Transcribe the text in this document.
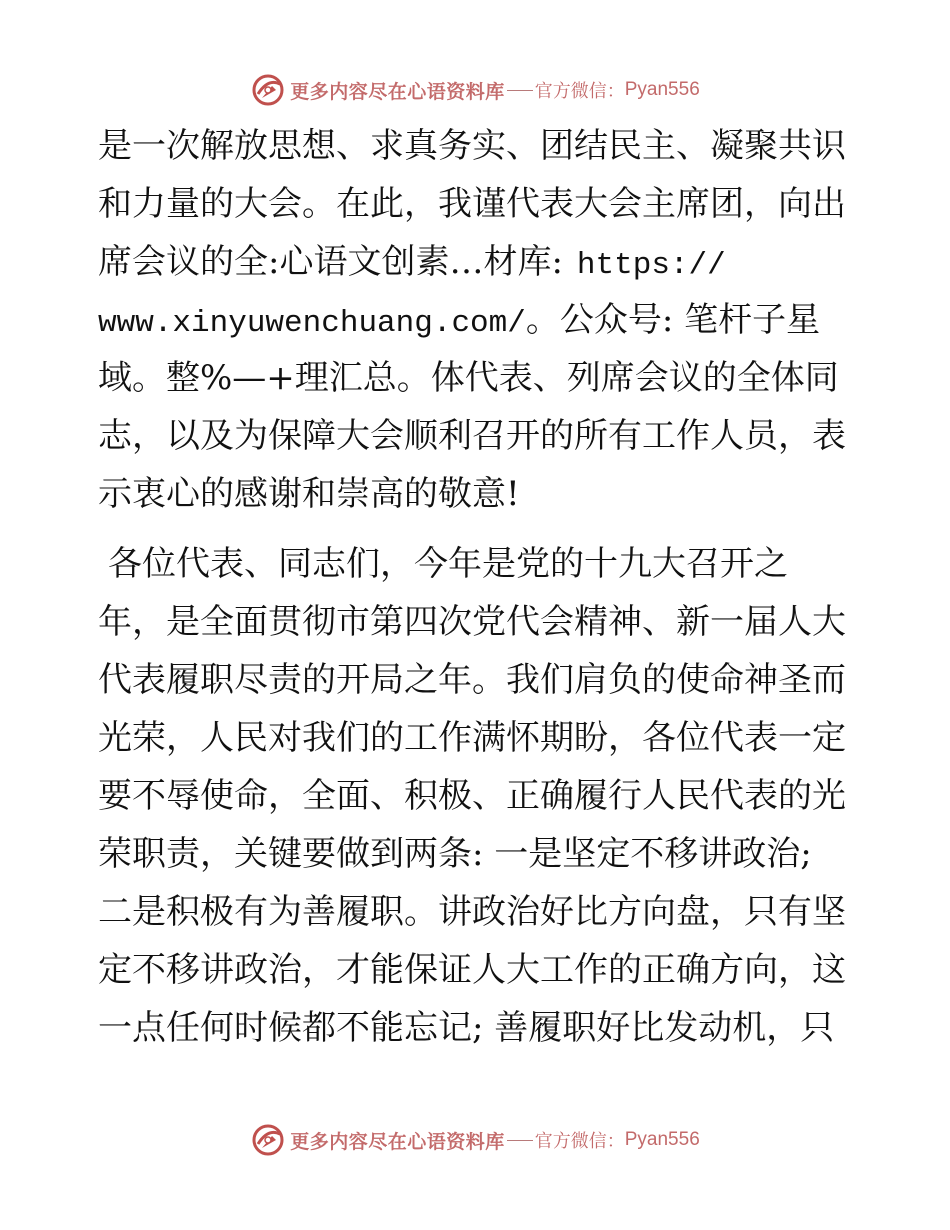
更多内容尽在心语资料库 官方微信： Pyan556
是一次解放思想、求真务实、团结民主、凝聚共识
和力量的大会。在此，我谨代表大会主席团，向出
席会议的全:心语文创素…材库: https://
www.xinyuwenchuang.com/。公众号: 笔杆子星
域。整%—+理汇总。体代表、列席会议的全体同
志，以及为保障大会顺利召开的所有工作人员，表
示衷心的感谢和崇高的敬意!
各位代表、同志们，今年是党的十九大召开之
年，是全面贯彻市第四次党代会精神、新一届人大
代表履职尽责的开局之年。我们肩负的使命神圣而
光荣，人民对我们的工作满怀期盼，各位代表一定
要不辱使命，全面、积极、正确履行人民代表的光
荣职责，关键要做到两条: 一是坚定不移讲政治;
二是积极有为善履职。讲政治好比方向盘，只有坚
定不移讲政治，才能保证人大工作的正确方向，这
一点任何时候都不能忘记; 善履职好比发动机，只
更多内容尽在心语资料库 官方微信： Pyan556
